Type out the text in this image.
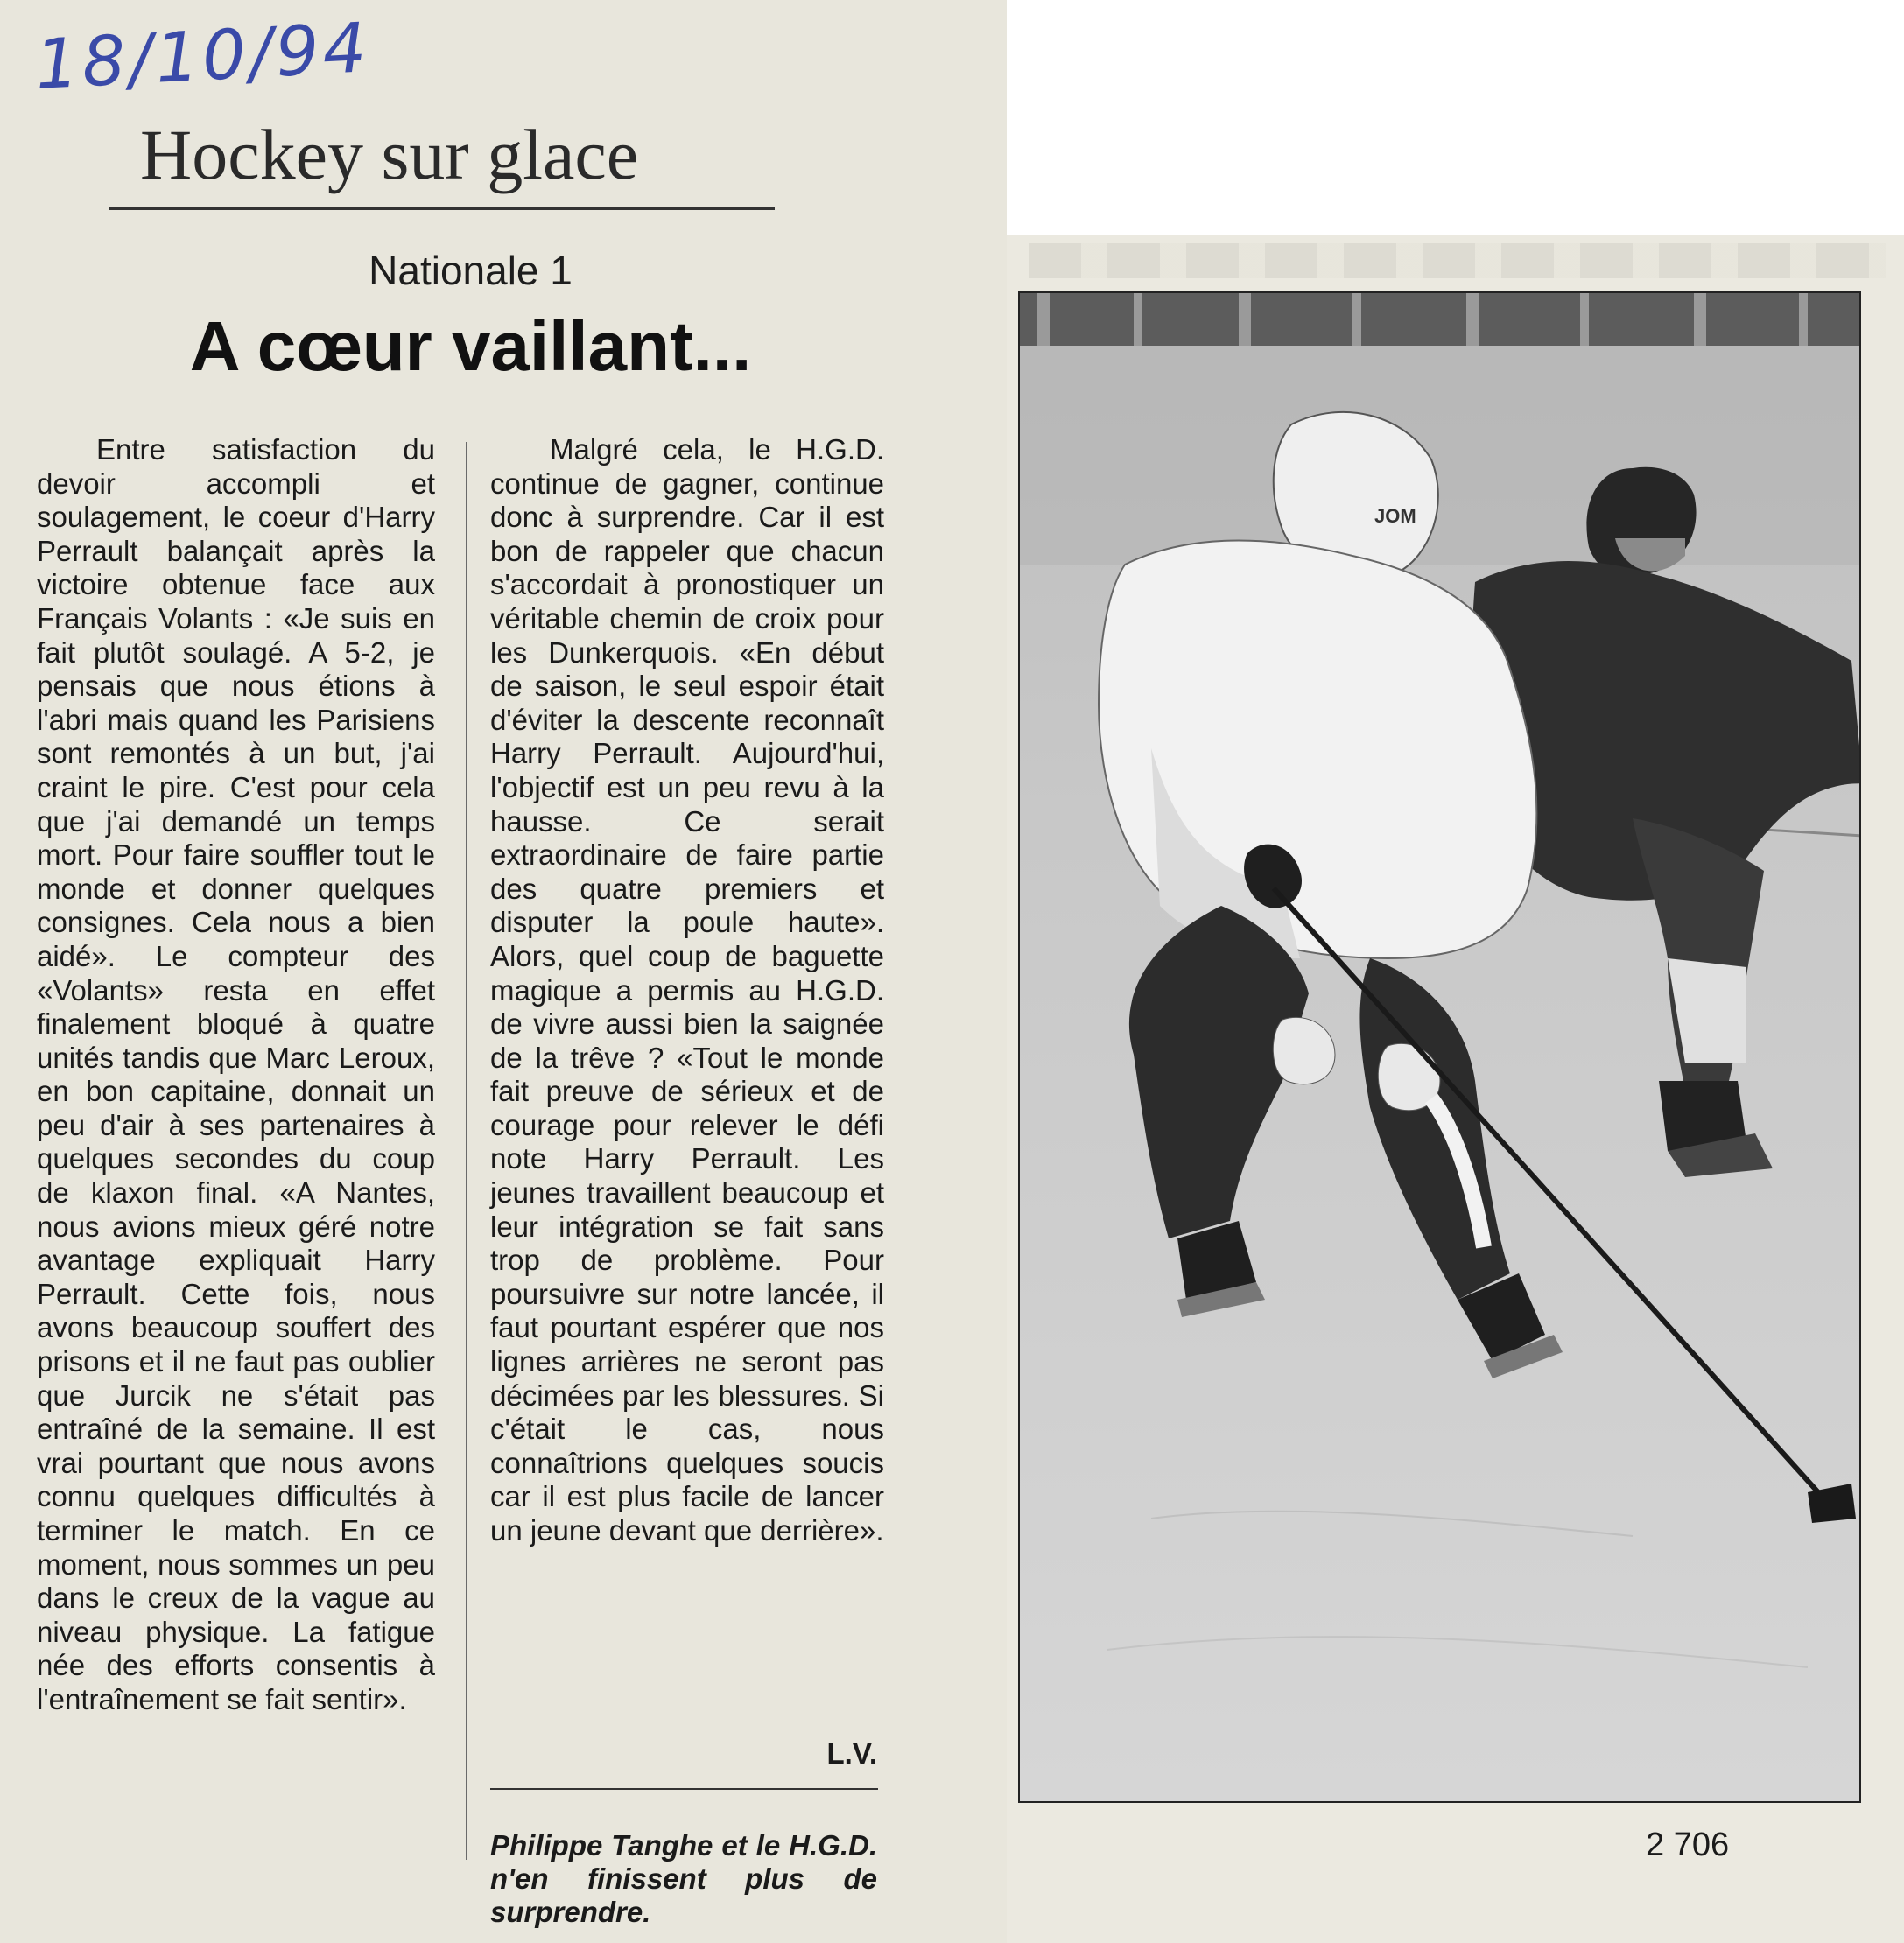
18/10/94
Hockey sur glace
Nationale 1
A cœur vaillant...

Entre satisfaction du devoir accompli et soulagement, le coeur d'Harry Perrault balançait après la victoire obtenue face aux Français Volants : «Je suis en fait plutôt soulagé. A 5-2, je pensais que nous étions à l'abri mais quand les Parisiens sont remontés à un but, j'ai craint le pire. C'est pour cela que j'ai demandé un temps mort. Pour faire souffler tout le monde et donner quelques consignes. Cela nous a bien aidé». Le compteur des «Volants» resta en effet finalement bloqué à quatre unités tandis que Marc Leroux, en bon capitaine, donnait un peu d'air à ses partenaires à quelques secondes du coup de klaxon final. «A Nantes, nous avions mieux géré notre avantage expliquait Harry Perrault. Cette fois, nous avons beaucoup souffert des prisons et il ne faut pas oublier que Jurcik ne s'était pas entraîné de la semaine. Il est vrai pourtant que nous avons connu quelques difficultés à terminer le match. En ce moment, nous sommes un peu dans le creux de la vague au niveau physique. La fatigue née des efforts consentis à l'entraînement se fait sentir».

Malgré cela, le H.G.D. continue de gagner, continue donc à surprendre. Car il est bon de rappeler que chacun s'accordait à pronostiquer un véritable chemin de croix pour les Dunkerquois. «En début de saison, le seul espoir était d'éviter la descente reconnaît Harry Perrault. Aujourd'hui, l'objectif est un peu revu à la hausse. Ce serait extraordinaire de faire partie des quatre premiers et disputer la poule haute». Alors, quel coup de baguette magique a permis au H.G.D. de vivre aussi bien la saignée de la trêve ? «Tout le monde fait preuve de sérieux et de courage pour relever le défi note Harry Perrault. Les jeunes travaillent beaucoup et leur intégration se fait sans trop de problème. Pour poursuivre sur notre lancée, il faut pourtant espérer que nos lignes arrières ne seront pas décimées par les blessures. Si c'était le cas, nous connaîtrions quelques soucis car il est plus facile de lancer un jeune devant que derrière».

L.V.
Philippe Tanghe et le H.G.D. n'en finissent plus de surprendre.
JOM
2 706
